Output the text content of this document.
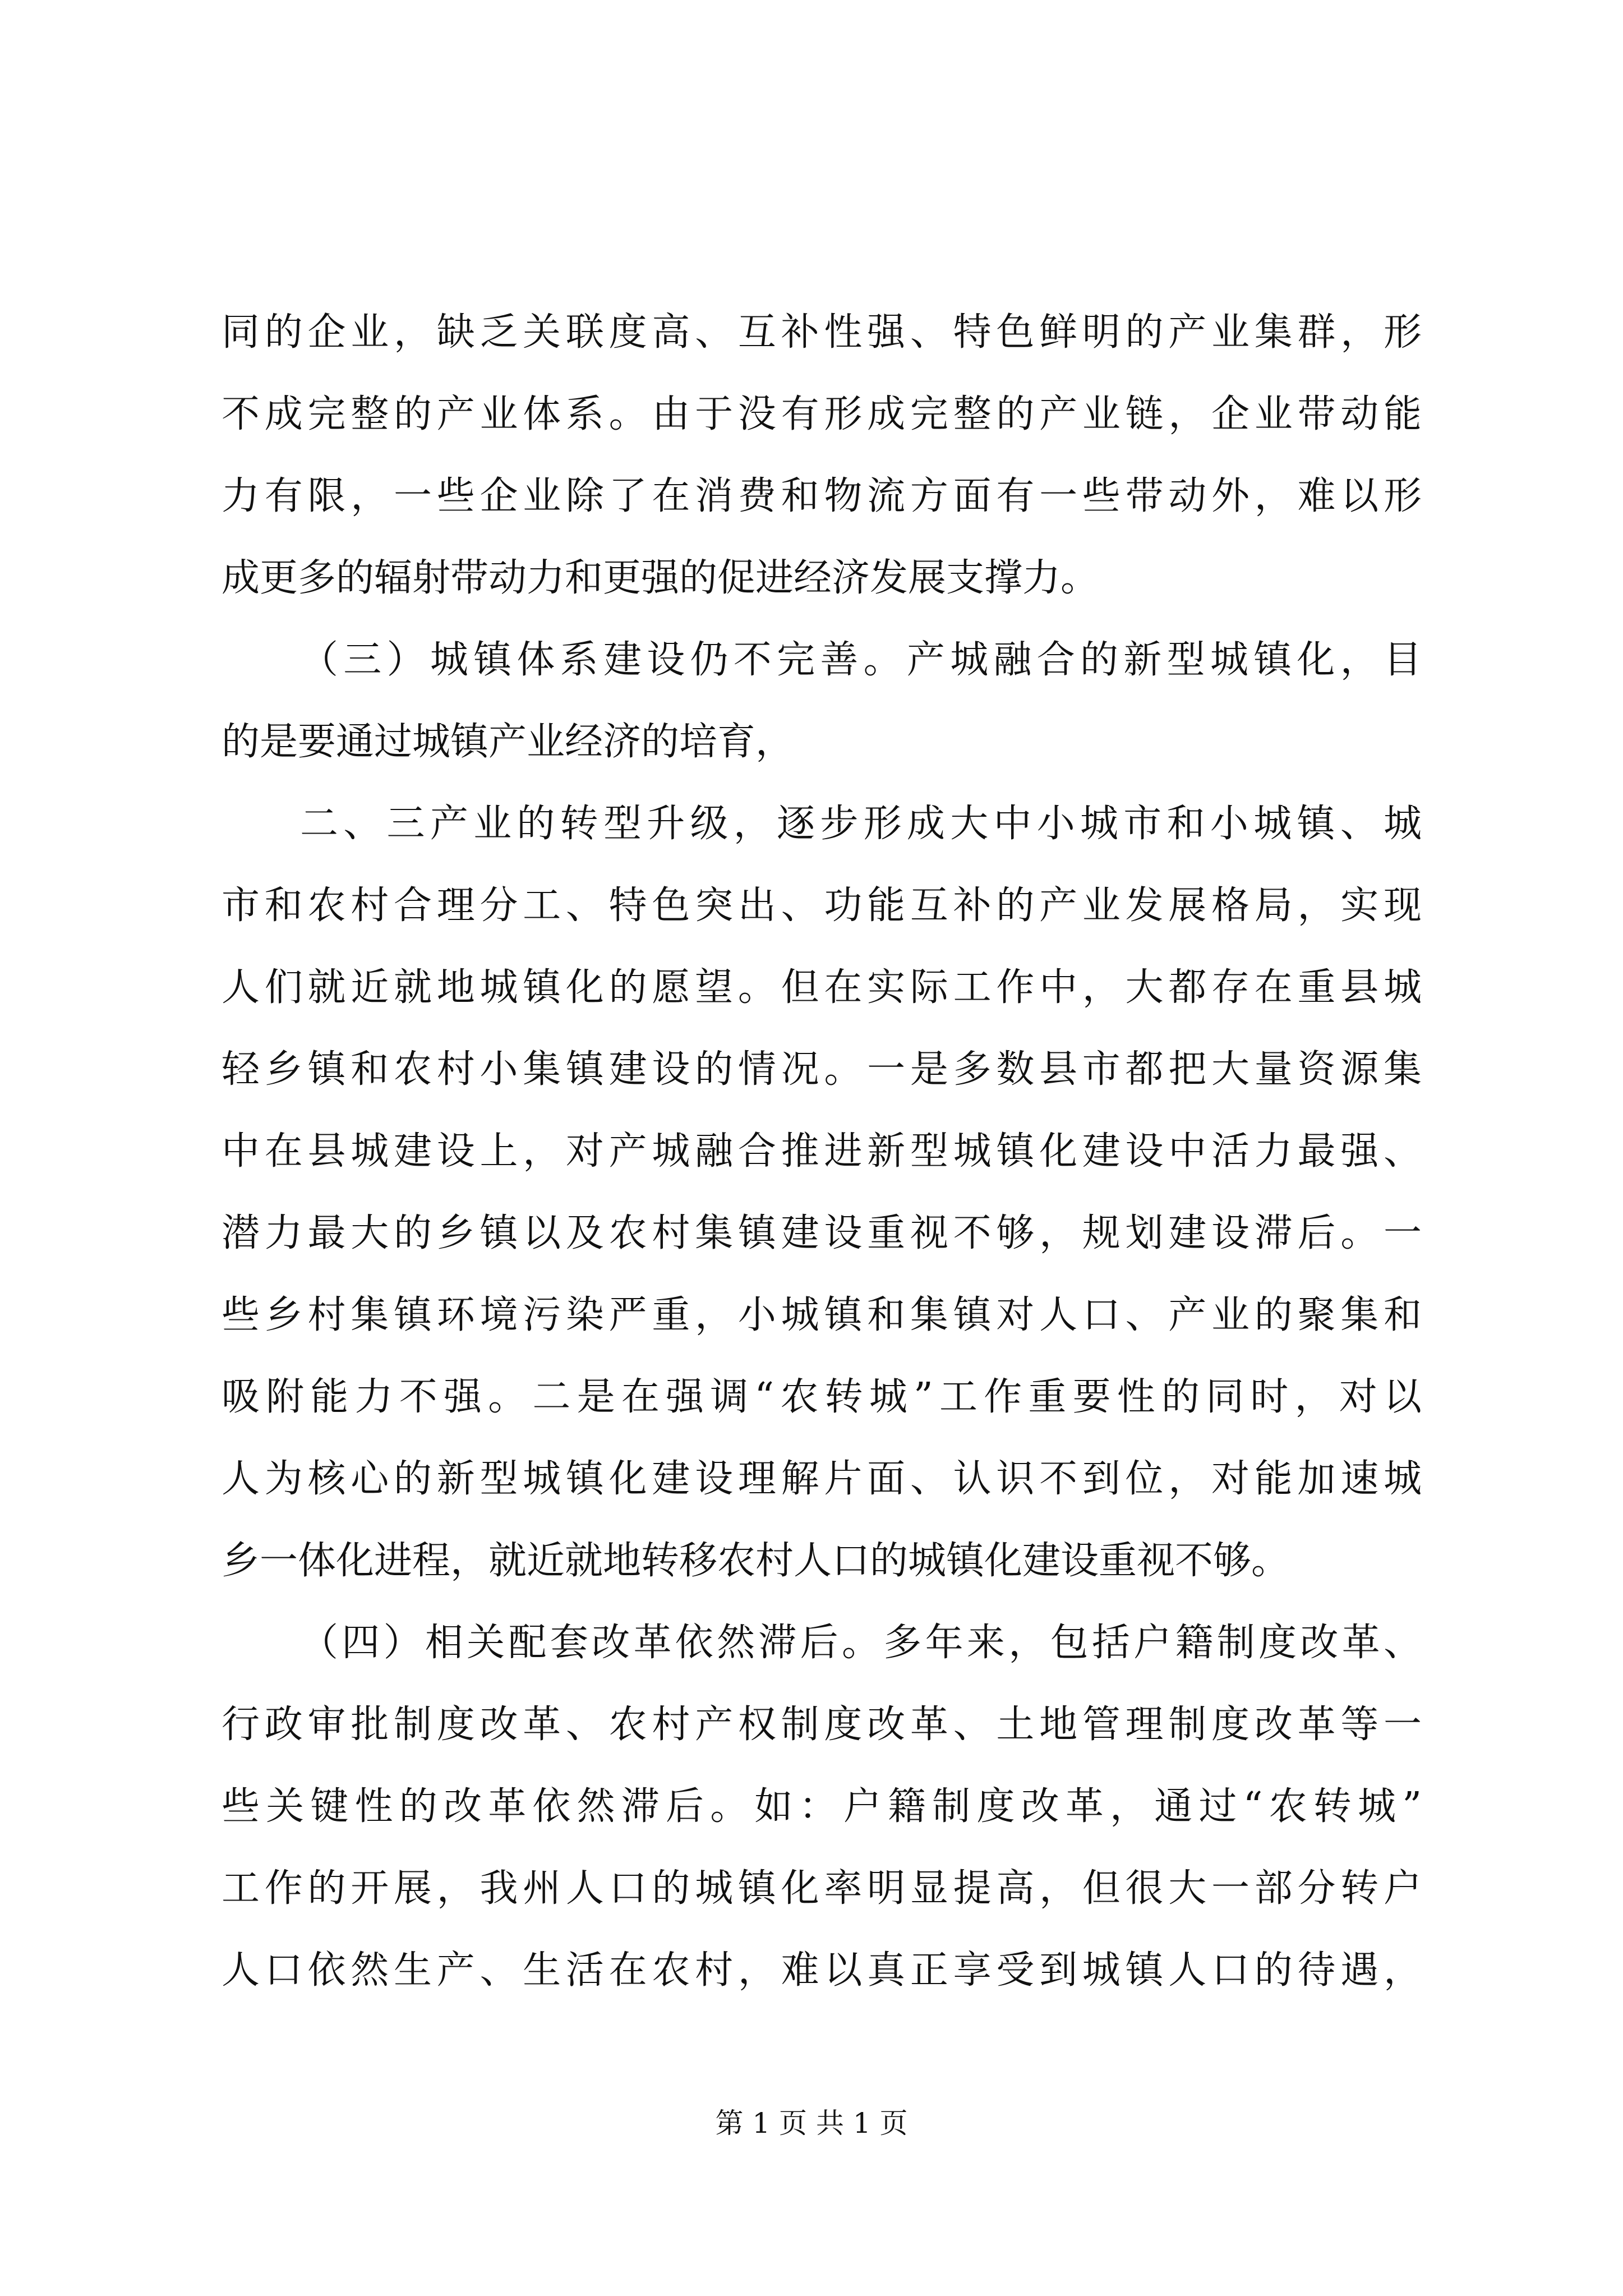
同的企业，缺乏关联度高、互补性强、特色鲜明的产业集群，形
不成完整的产业体系。由于没有形成完整的产业链，企业带动能
力有限，一些企业除了在消费和物流方面有一些带动外，难以形
成更多的辐射带动力和更强的促进经济发展支撑力。
（三）城镇体系建设仍不完善。产城融合的新型城镇化，目
的是要通过城镇产业经济的培育，
二、三产业的转型升级，逐步形成大中小城市和小城镇、城
市和农村合理分工、特色突出、功能互补的产业发展格局，实现
人们就近就地城镇化的愿望。但在实际工作中，大都存在重县城
轻乡镇和农村小集镇建设的情况。一是多数县市都把大量资源集
中在县城建设上，对产城融合推进新型城镇化建设中活力最强、
潜力最大的乡镇以及农村集镇建设重视不够，规划建设滞后。一
些乡村集镇环境污染严重，小城镇和集镇对人口、产业的聚集和
吸附能力不强。二是在强调“农转城”工作重要性的同时，对以
人为核心的新型城镇化建设理解片面、认识不到位，对能加速城
乡一体化进程，就近就地转移农村人口的城镇化建设重视不够。
（四）相关配套改革依然滞后。多年来，包括户籍制度改革、
行政审批制度改革、农村产权制度改革、土地管理制度改革等一
些关键性的改革依然滞后。如：户籍制度改革，通过“农转城”
工作的开展，我州人口的城镇化率明显提高，但很大一部分转户
人口依然生产、生活在农村，难以真正享受到城镇人口的待遇，
第 1 页 共 1 页
